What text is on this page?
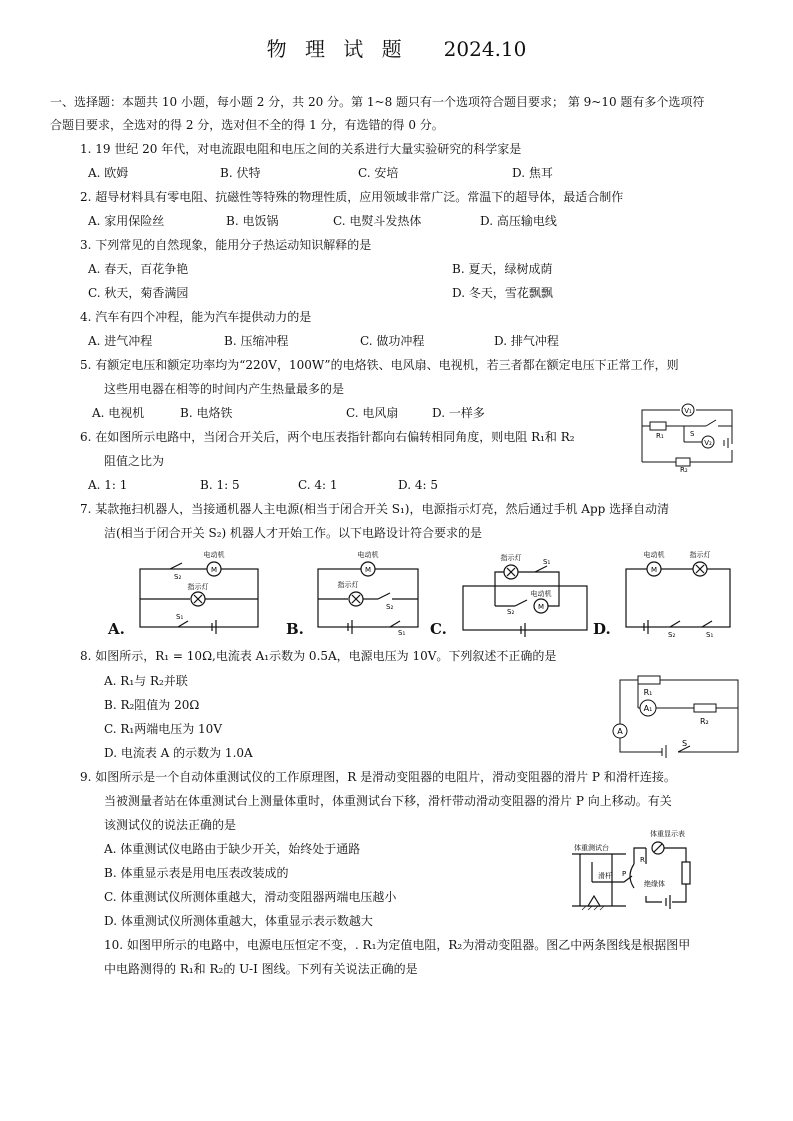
物 理 试 题 2024.10
一、选择题：本题共 10 小题，每小题 2 分，共 20 分。第 1~8 题只有一个选项符合题目要求； 第 9~10 题有多个选项符
合题目要求，全选对的得 2 分，选对但不全的得 1 分，有选错的得 0 分。
1. 19 世纪 20 年代，对电流跟电阻和电压之间的关系进行大量实验研究的科学家是
A. 欧姆	B. 伏特	C. 安培	D. 焦耳
2. 超导材料具有零电阻、抗磁性等特殊的物理性质，应用领域非常广泛。常温下的超导体，最适合制作
A. 家用保险丝	B. 电饭锅	C. 电熨斗发热体	D. 高压输电线
3. 下列常见的自然现象，能用分子热运动知识解释的是
A. 春天，百花争艳	B. 夏天，绿树成荫
C. 秋天，菊香满园	D. 冬天，雪花飘飘
4. 汽车有四个冲程，能为汽车提供动力的是
A. 进气冲程	B. 压缩冲程	C. 做功冲程	D. 排气冲程
5. 有额定电压和额定功率均为“220V，100W”的电烙铁、电风扇、电视机，若三者都在额定电压下正常工作，则
这些用电器在相等的时间内产生热量最多的是
A. 电视机	B. 电烙铁	C. 电风扇	D. 一样多
6. 在如图所示电路中，当闭合开关后，两个电压表指针都向右偏转相同角度，则电阻 R₁和 R₂
阻值之比为
A. 1: 1	B. 1: 5	C. 4: 1	D. 4: 5
V₁
V₂
R₁
R₂
S
7. 某款拖扫机器人，当接通机器人主电源(相当于闭合开关 S₁)，电源指示灯亮，然后通过手机 App 选择自动清
洁(相当于闭合开关 S₂) 机器人才开始工作。以下电路设计符合要求的是
M
电动机
指示灯
S₂
S₁
A.
M
电动机
指示灯
S₂
S₁
B.
指示灯
M
电动机
S₁
S₂
C.
M
电动机	指示灯
S₂	S₁
D.
8. 如图所示，R₁ = 10Ω,电流表 A₁示数为 0.5A，电源电压为 10V。下列叙述不正确的是
A. R₁与 R₂并联
B. R₂阻值为 20Ω
C. R₁两端电压为 10V
D. 电流表 A 的示数为 1.0A
R₁
R₂
A₁
A
S
9. 如图所示是一个自动体重测试仪的工作原理图，R 是滑动变阻器的电阻片，滑动变阻器的滑片 P 和滑杆连接。
当被测量者站在体重测试台上测量体重时，体重测试台下移，滑杆带动滑动变阻器的滑片 P 向上移动。有关
该测试仪的说法正确的是
A. 体重测试仪电路由于缺少开关，始终处于通路
B. 体重显示表是用电压表改装成的
C. 体重测试仪所测体重越大，滑动变阻器两端电压越小
D. 体重测试仪所测体重越大，体重显示表示数越大
体重测试台
体重显示表
滑杆
绝缘体
P
R
10. 如图甲所示的电路中，电源电压恒定不变，. R₁为定值电阻，R₂为滑动变阻器。图乙中两条图线是根据图甲
中电路测得的 R₁和 R₂的 U-I 图线。下列有关说法正确的是
